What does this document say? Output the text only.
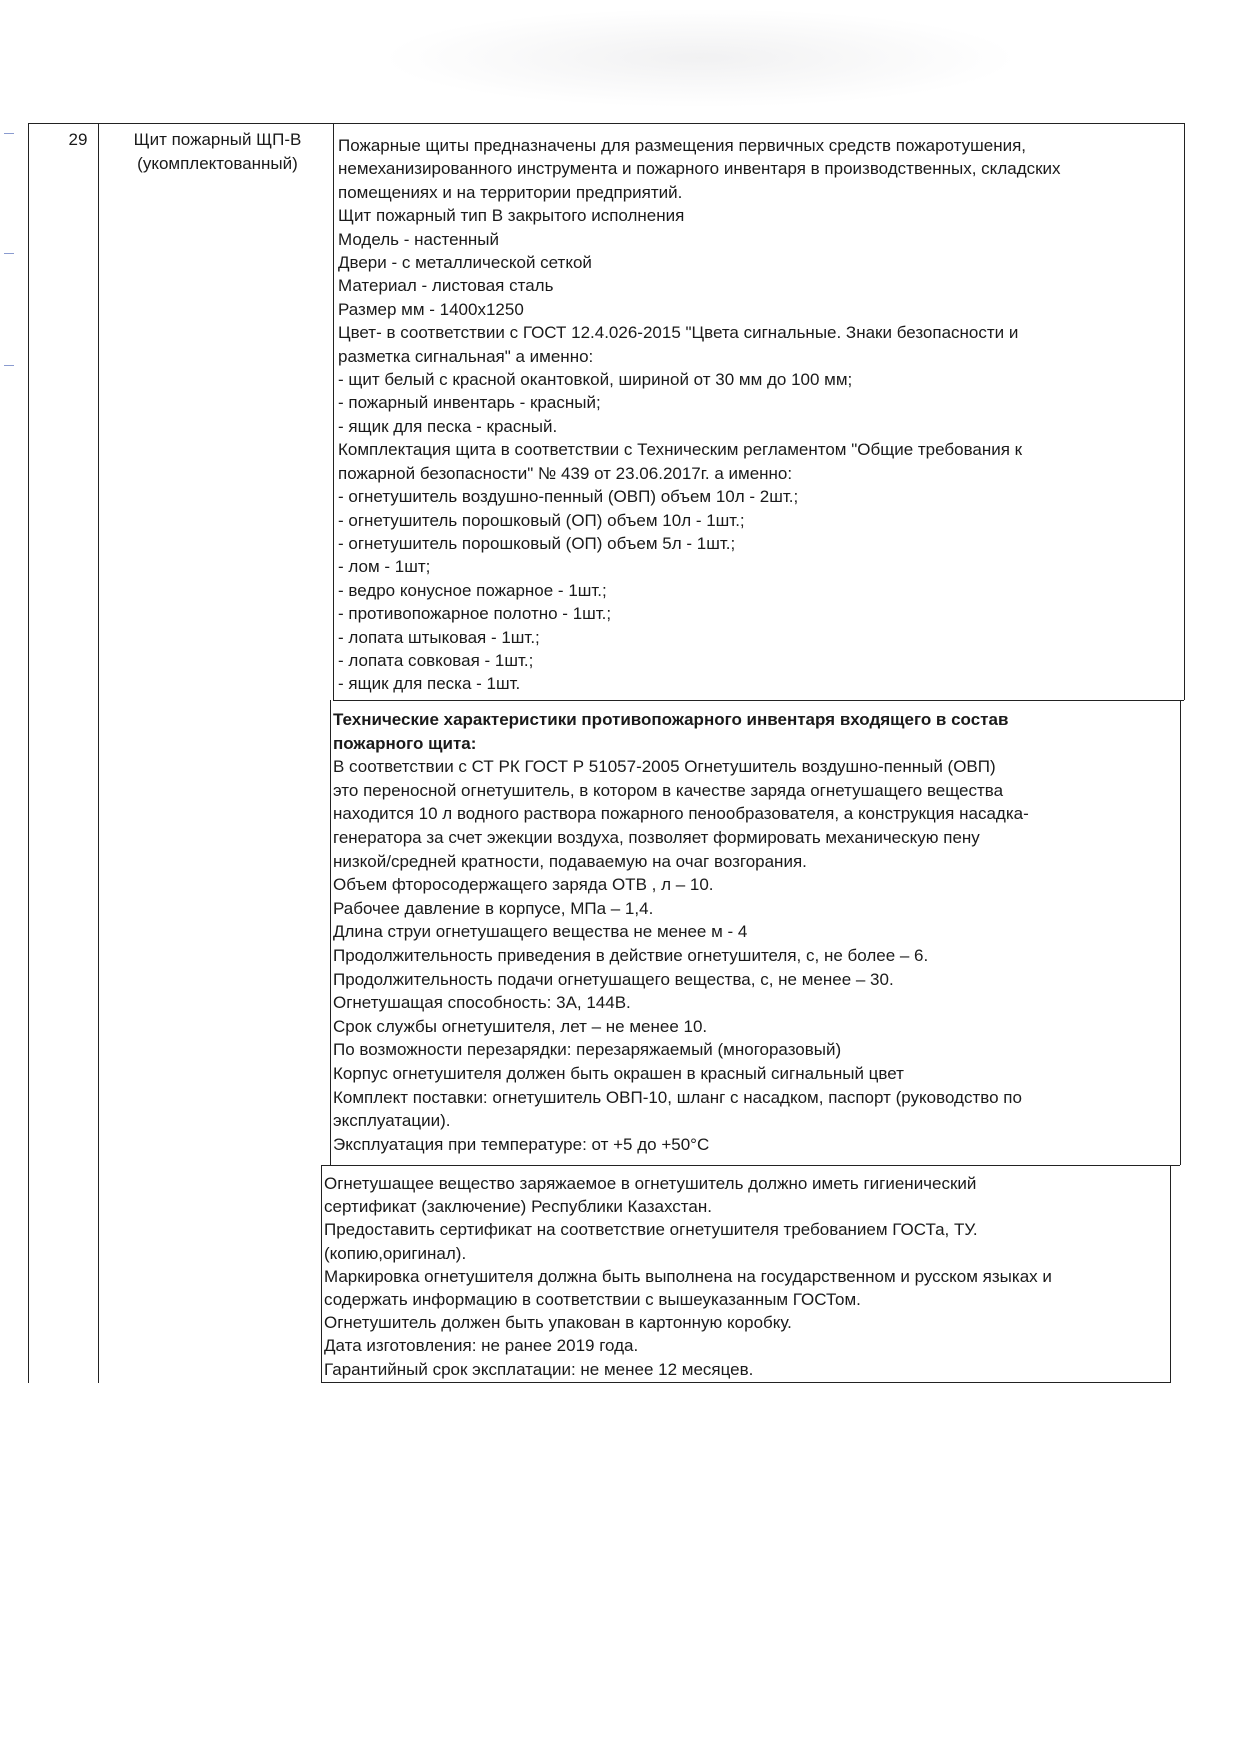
29	Щит пожарный ЩП-В
(укомплектованный)

Пожарные щиты предназначены для размещения первичных средств пожаротушения,

немеханизированного инструмента и пожарного инвентаря в производственных, складских

помещениях и на территории предприятий.

Щит пожарный тип В закрытого исполнения

Модель - настенный

Двери - с металлической сеткой

Материал - листовая сталь

Размер мм - 1400х1250

Цвет- в соответствии с ГОСТ 12.4.026-2015 "Цвета сигнальные. Знаки безопасности и

разметка сигнальная" а именно:

- щит белый с красной окантовкой, шириной от 30 мм до 100 мм;

- пожарный инвентарь - красный;

- ящик для песка - красный.

Комплектация щита в соответствии с Техническим регламентом "Общие требования к

пожарной безопасности" № 439 от 23.06.2017г. а именно:

- огнетушитель воздушно-пенный (ОВП) объем 10л - 2шт.;

- огнетушитель порошковый (ОП) объем 10л - 1шт.;

- огнетушитель порошковый (ОП) объем 5л - 1шт.;

- лом - 1шт;

- ведро конусное пожарное - 1шт.;

- противопожарное полотно - 1шт.;

- лопата штыковая - 1шт.;

- лопата совковая - 1шт.;

- ящик для песка - 1шт.

Технические характеристики противопожарного инвентаря входящего в состав

пожарного щита:

В соответствии с СТ РК ГОСТ Р 51057-2005 Огнетушитель воздушно-пенный (ОВП)

это переносной огнетушитель, в котором в качестве заряда огнетушащего вещества

находится 10 л водного раствора пожарного пенообразователя, а конструкция насадка-

генератора за счет эжекции воздуха, позволяет формировать механическую пену

низкой/средней кратности, подаваемую на очаг возгорания.

Объем фторосодержащего заряда ОТВ , л – 10.

Рабочее давление в корпусе, МПа – 1,4.

Длина струи огнетушащего вещества не менее м - 4

Продолжительность приведения в действие огнетушителя, с, не более – 6.

Продолжительность подачи огнетушащего вещества, с, не менее – 30.

Огнетушащая способность: 3А, 144В.

Срок службы огнетушителя, лет – не менее 10.

По возможности перезарядки: перезаряжаемый (многоразовый)

Корпус огнетушителя должен быть окрашен в красный сигнальный цвет

Комплект поставки: огнетушитель ОВП-10, шланг с насадком, паспорт (руководство по

эксплуатации).

Эксплуатация при температуре: от +5 до +50°С

Огнетушащее вещество заряжаемое в огнетушитель должно иметь гигиенический

сертификат (заключение) Республики Казахстан.

Предоставить сертификат на соответствие огнетушителя требованием ГОСТа, ТУ.

(копию,оригинал).

Маркировка огнетушителя должна быть выполнена на государственном и русском языках и

содержать информацию в соответствии с вышеуказанным ГОСТом.

Огнетушитель должен быть упакован в картонную коробку.

Дата изготовления: не ранее 2019 года.

Гарантийный срок эксплатации: не менее 12 месяцев.
